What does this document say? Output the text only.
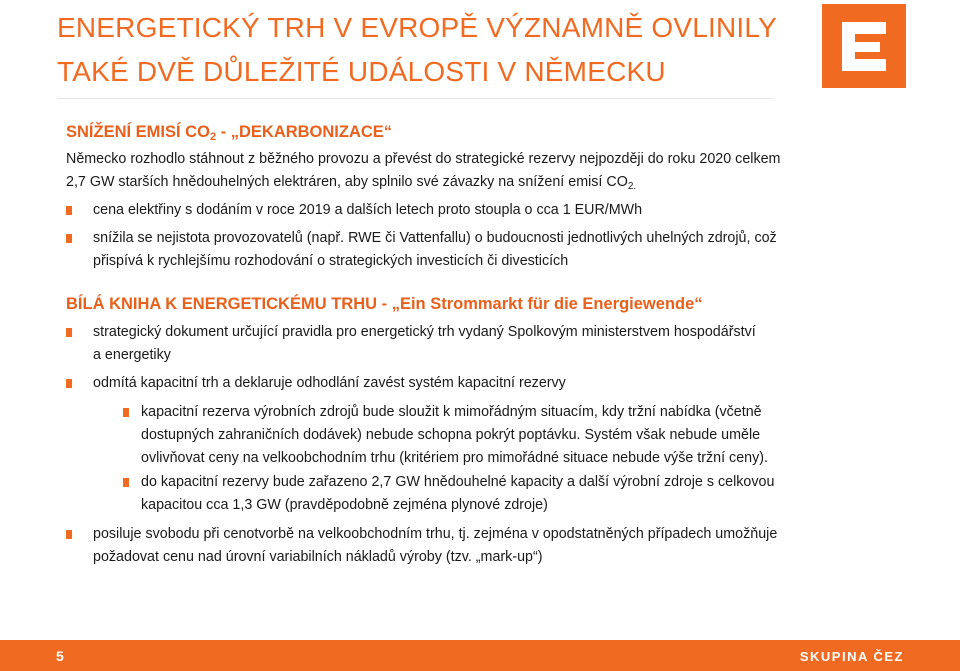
ENERGETICKÝ TRH V EVROPĚ VÝZNAMNĚ OVLINILY
TAKÉ DVĚ DŮLEŽITÉ UDÁLOSTI V NĚMECKU
SNÍŽENÍ EMISÍ $CO_2$ - „DEKARBONIZACE“
Německo rozhodlo stáhnout z běžného provozu a převést do strategické rezervy nejpozději do roku 2020 celkem
2,7 GW starších hnědouhelných elektráren, aby splnilo své závazky na snížení emisí $CO_{2.}$
cena elektřiny s dodáním v roce 2019 a dalších letech proto stoupla o cca 1 EUR/MWh
snížila se nejistota provozovatelů (např. RWE či Vattenfallu) o budoucnosti jednotlivých uhelných zdrojů, což
přispívá k rychlejšímu rozhodování o strategických investicích či divesticích
BÍLÁ KNIHA K ENERGETICKÉMU TRHU - „Ein Strommarkt für die Energiewende“
strategický dokument určující pravidla pro energetický trh vydaný Spolkovým ministerstvem hospodářství
a energetiky
odmítá kapacitní trh a deklaruje odhodlání zavést systém kapacitní rezervy
kapacitní rezerva výrobních zdrojů bude sloužit k mimořádným situacím, kdy tržní nabídka (včetně
dostupných zahraničních dodávek) nebude schopna pokrýt poptávku. Systém však nebude uměle
ovlivňovat ceny na velkoobchodním trhu (kritériem pro mimořádné situace nebude výše tržní ceny).
do kapacitní rezervy bude zařazeno 2,7 GW hnědouhelné kapacity a další výrobní zdroje s celkovou
kapacitou cca 1,3 GW (pravděpodobně zejména plynové zdroje)
posiluje svobodu při cenotvorbě na velkoobchodním trhu, tj. zejména v opodstatněných případech umožňuje
požadovat cenu nad úrovní variabilních nákladů výroby (tzv. „mark-up“)
5	SKUPINA ČEZ
